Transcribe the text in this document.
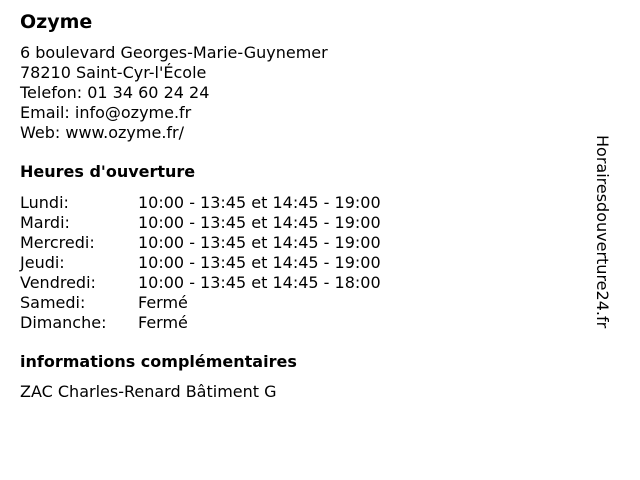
Ozyme
6 boulevard Georges-Marie-Guynemer
78210 Saint-Cyr-l'École
Telefon: 01 34 60 24 24
Email: info@ozyme.fr
Web: www.ozyme.fr/
Heures d'ouverture
Lundi:	10:00 - 13:45 et 14:45 - 19:00
Mardi:	10:00 - 13:45 et 14:45 - 19:00
Mercredi:	10:00 - 13:45 et 14:45 - 19:00
Jeudi:	10:00 - 13:45 et 14:45 - 19:00
Vendredi:	10:00 - 13:45 et 14:45 - 18:00
Samedi:	Fermé
Dimanche:	Fermé
informations complémentaires
ZAC Charles-Renard Bâtiment G
Horairesdouverture24.fr
